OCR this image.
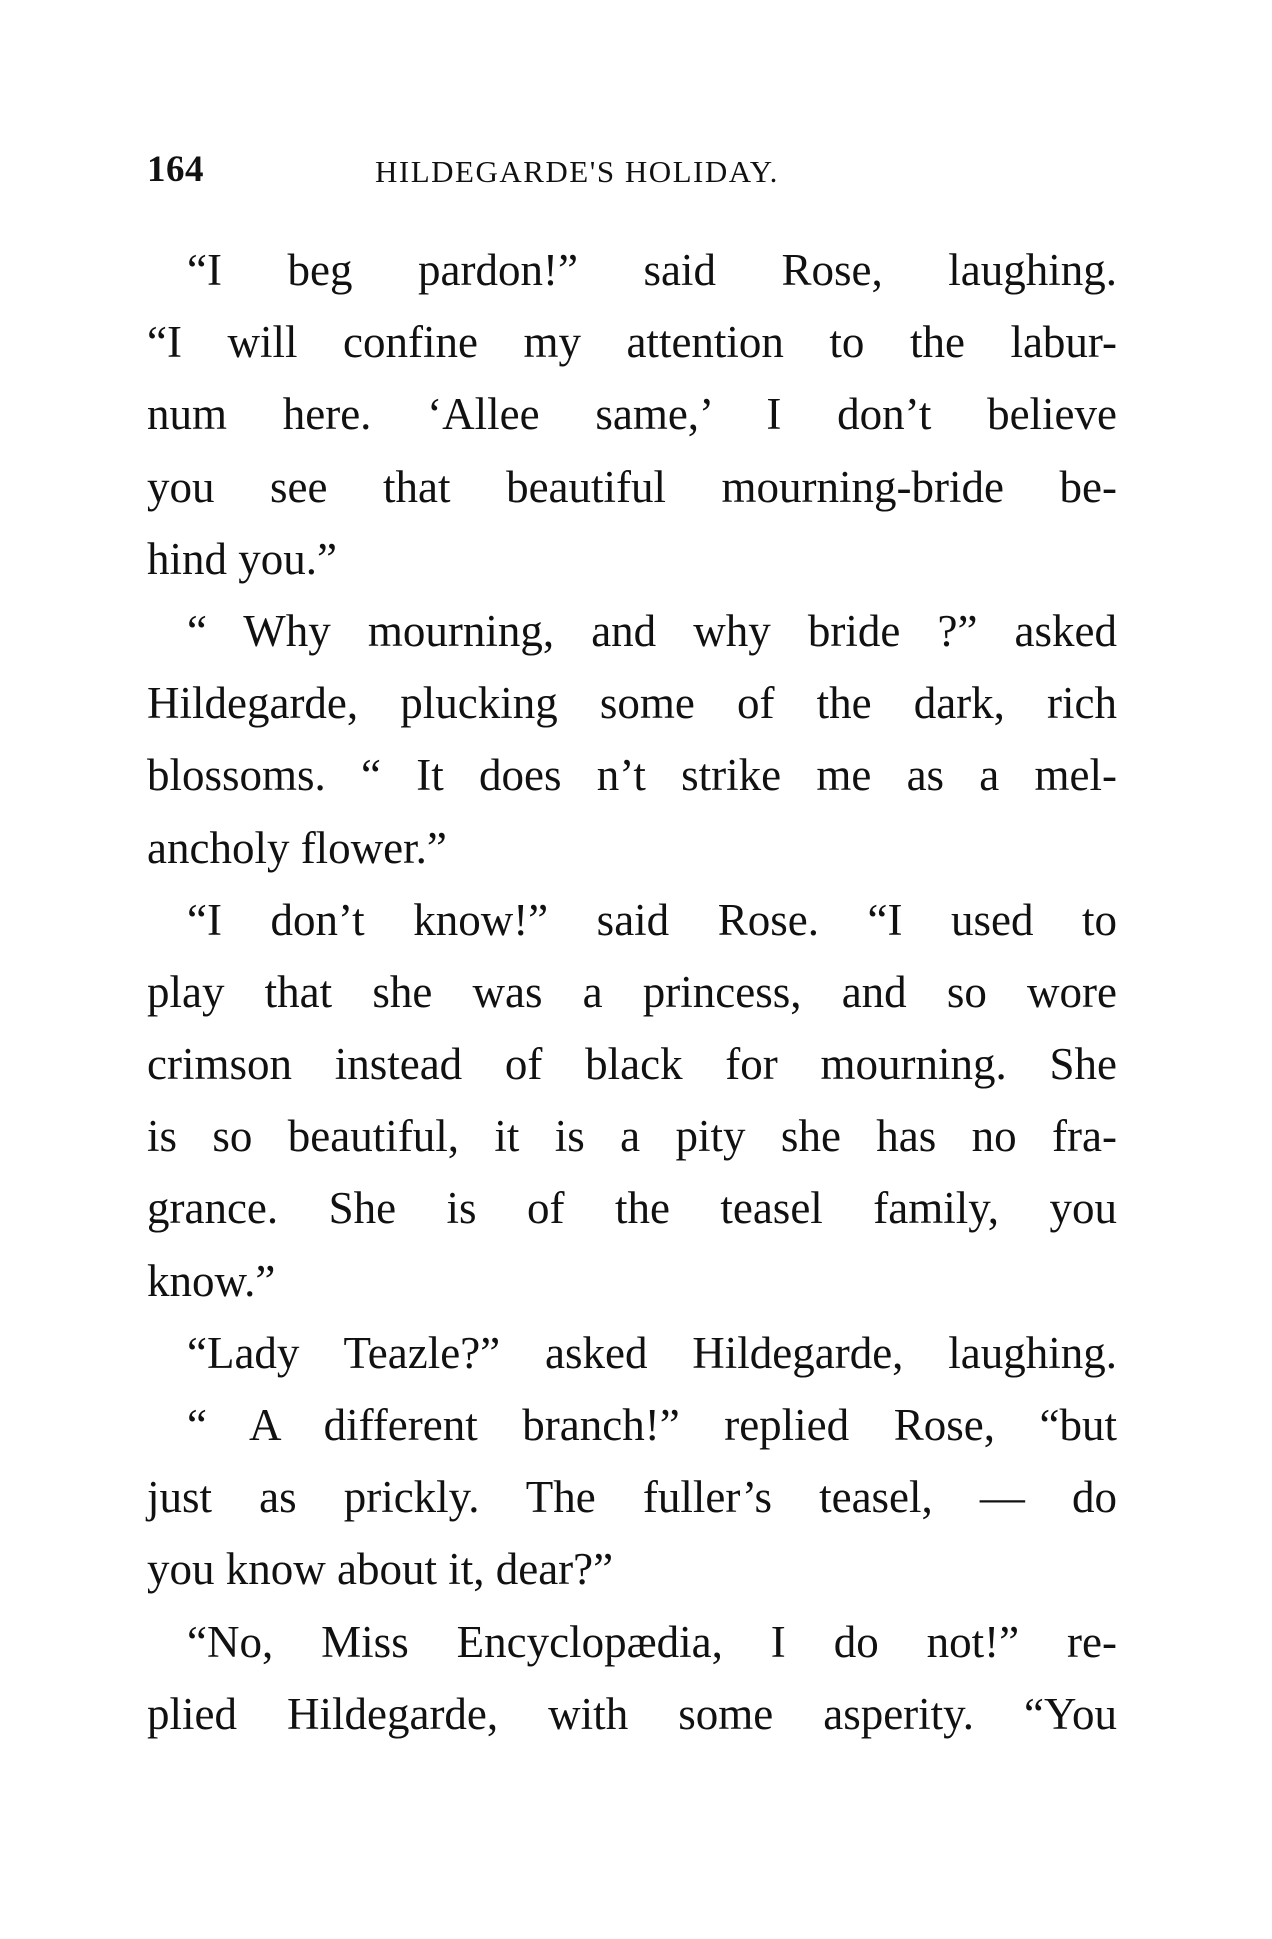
164	HILDEGARDE'S HOLIDAY.
“I beg pardon!” said Rose, laughing.
“I will confine my attention to the labur-
num here. ‘Allee same,’ I don’t believe
you see that beautiful mourning-bride be-
hind you.”
“ Why mourning, and why bride ?” asked
Hildegarde, plucking some of the dark, rich
blossoms. “ It does n’t strike me as a mel-
ancholy flower.”
“I don’t know!” said Rose. “I used to
play that she was a princess, and so wore
crimson instead of black for mourning. She
is so beautiful, it is a pity she has no fra-
grance. She is of the teasel family, you
know.”
“Lady Teazle?” asked Hildegarde, laughing.
“ A different branch!” replied Rose, “but
just as prickly. The fuller’s teasel, — do
you know about it, dear?”
“No, Miss Encyclopædia, I do not!” re-
plied Hildegarde, with some asperity. “You
